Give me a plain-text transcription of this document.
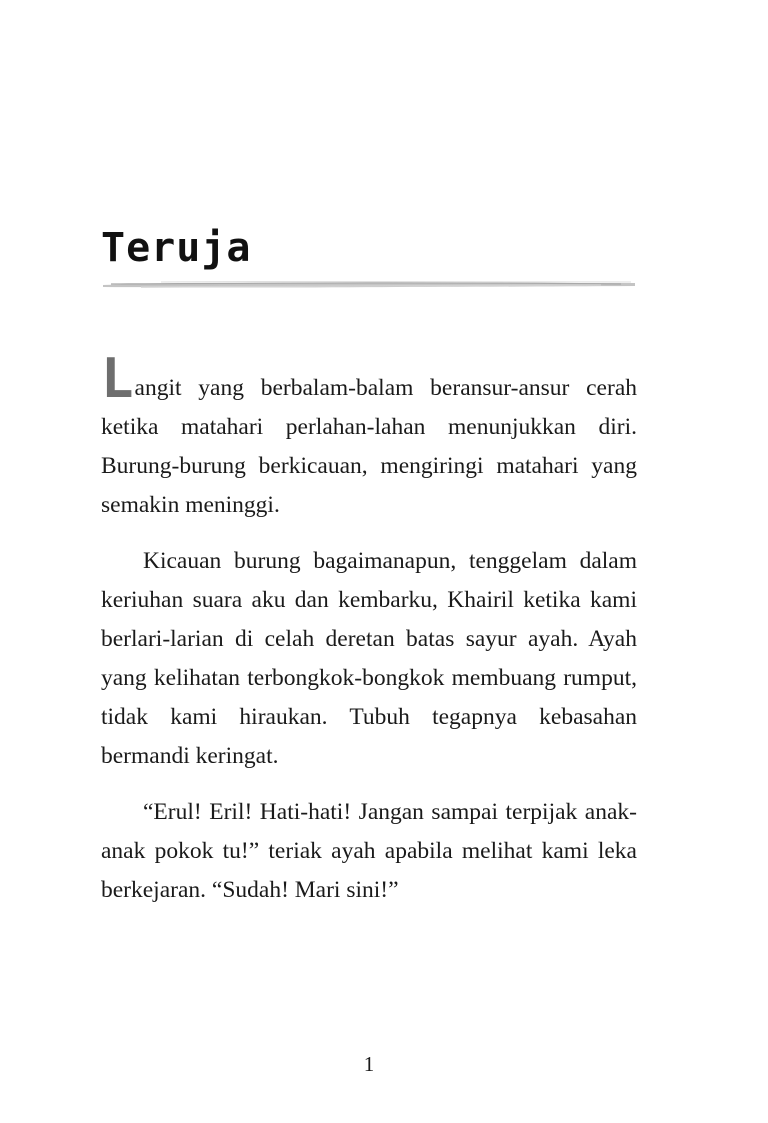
Teruja

Langit yang berbalam-balam beransur-ansur cerah ketika matahari perlahan-lahan menunjukkan diri. Burung-burung berkicauan, mengiringi matahari yang semakin meninggi.

Kicauan burung bagaimanapun, tenggelam dalam keriuhan suara aku dan kembarku, Khairil ketika kami berlari-larian di celah deretan batas sayur ayah. Ayah yang kelihatan terbongkok-bongkok membuang rumput, tidak kami hiraukan. Tubuh tegapnya kebasahan bermandi keringat.

“Erul! Eril! Hati-hati! Jangan sampai terpijak anak-anak pokok tu!” teriak ayah apabila melihat kami leka berkejaran. “Sudah! Mari sini!”

1
